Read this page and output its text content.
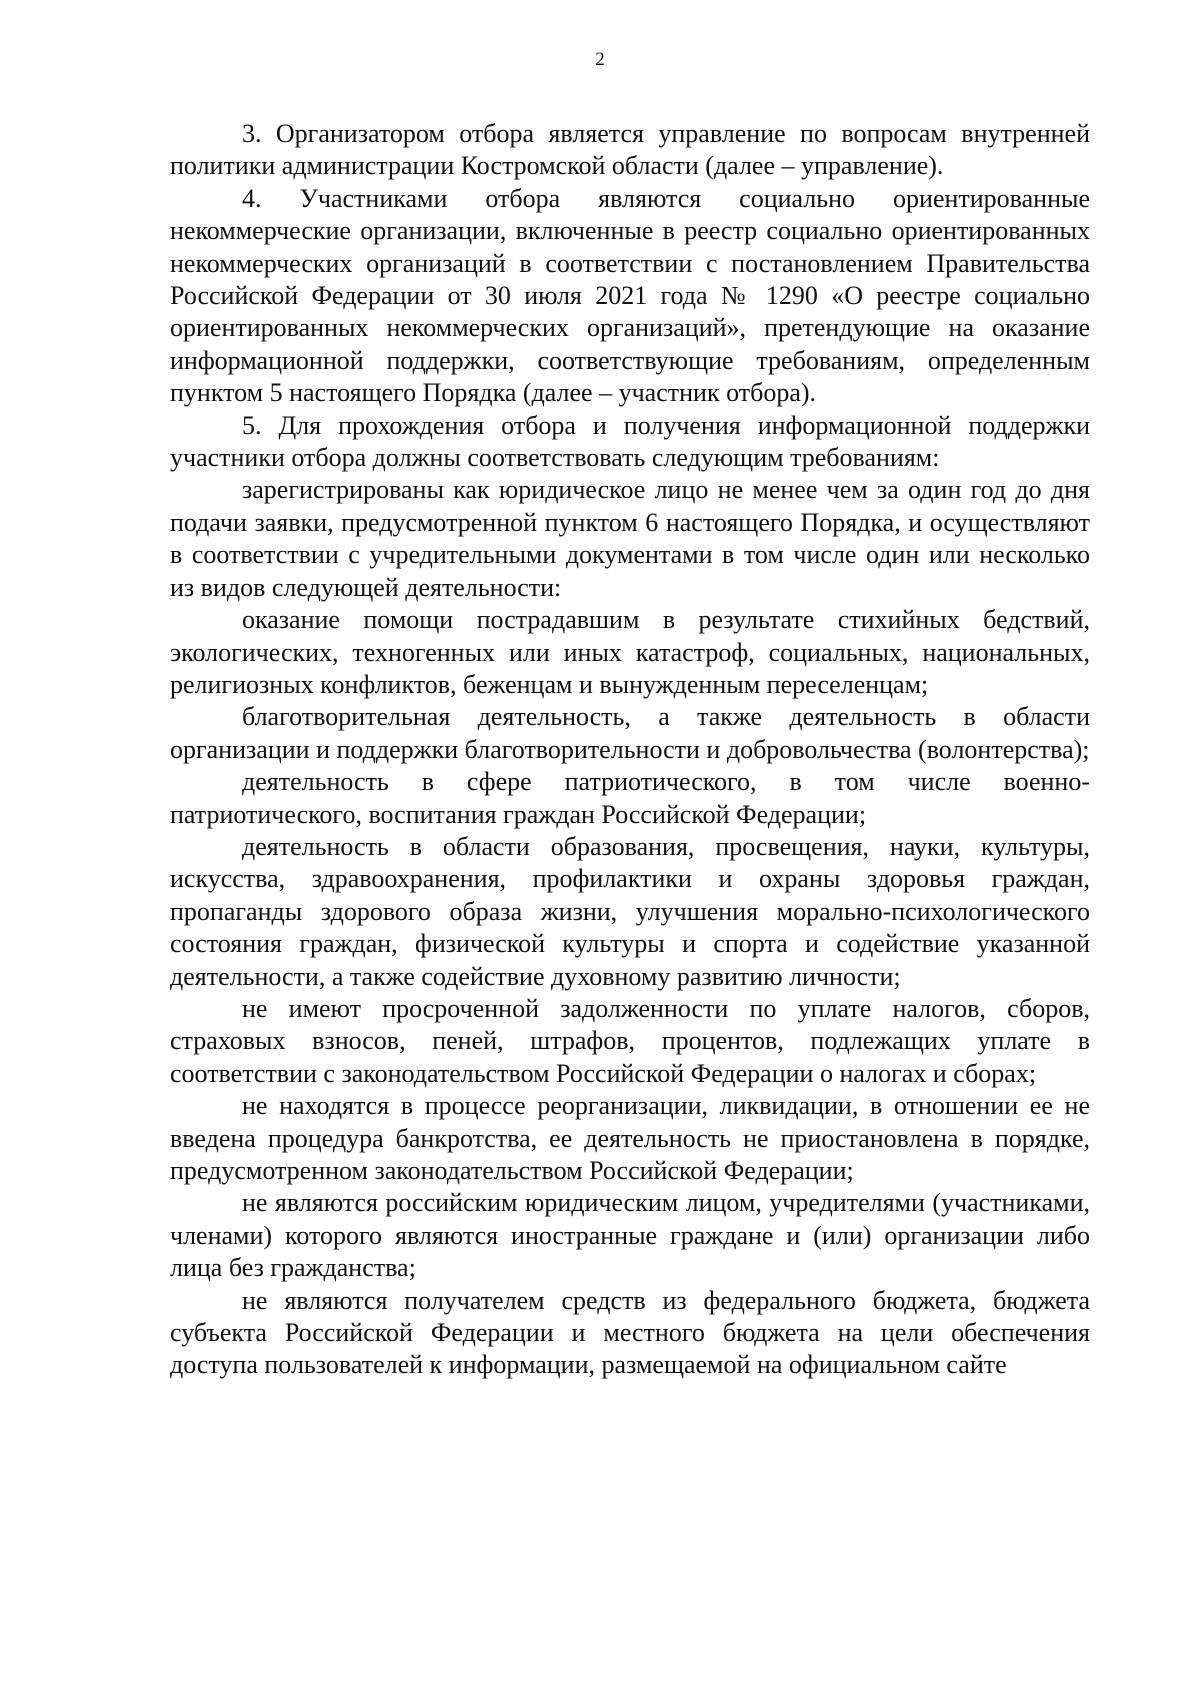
2

3. Организатором отбора является управление по вопросам внутренней политики администрации Костромской области (далее – управление).

4. Участниками отбора являются социально ориентированные некоммерческие организации, включенные в реестр социально ориентированных некоммерческих организаций в соответствии с постановлением Правительства Российской Федерации от 30 июля 2021 года № 1290 «О реестре социально ориентированных некоммерческих организаций», претендующие на оказание информационной поддержки, соответствующие требованиям, определенным пунктом 5 настоящего Порядка (далее – участник отбора).

5. Для прохождения отбора и получения информационной поддержки участники отбора должны соответствовать следующим требованиям:

зарегистрированы как юридическое лицо не менее чем за один год до дня подачи заявки, предусмотренной пунктом 6 настоящего Порядка, и осуществляют в соответствии с учредительными документами в том числе один или несколько из видов следующей деятельности:

оказание помощи пострадавшим в результате стихийных бедствий, экологических, техногенных или иных катастроф, социальных, национальных, религиозных конфликтов, беженцам и вынужденным переселенцам;

благотворительная деятельность, а также деятельность в области организации и поддержки благотворительности и добровольчества (волонтерства);

деятельность в сфере патриотического, в том числе военно-патриотического, воспитания граждан Российской Федерации;

деятельность в области образования, просвещения, науки, культуры, искусства, здравоохранения, профилактики и охраны здоровья граждан, пропаганды здорового образа жизни, улучшения морально-психологического состояния граждан, физической культуры и спорта и содействие указанной деятельности, а также содействие духовному развитию личности;

не имеют просроченной задолженности по уплате налогов, сборов, страховых взносов, пеней, штрафов, процентов, подлежащих уплате в соответствии с законодательством Российской Федерации о налогах и сборах;

не находятся в процессе реорганизации, ликвидации, в отношении ее не введена процедура банкротства, ее деятельность не приостановлена в порядке, предусмотренном законодательством Российской Федерации;

не являются российским юридическим лицом, учредителями (участниками, членами) которого являются иностранные граждане и (или) организации либо лица без гражданства;

не являются получателем средств из федерального бюджета, бюджета субъекта Российской Федерации и местного бюджета на цели обеспечения доступа пользователей к информации, размещаемой на официальном сайте
